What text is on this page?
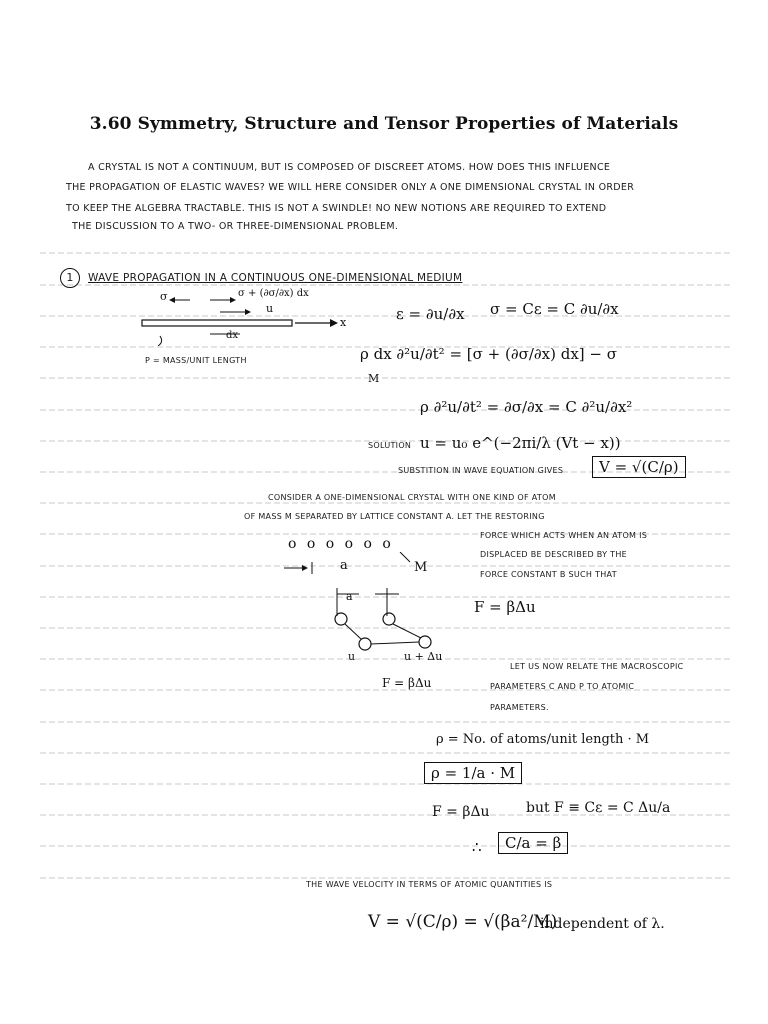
3.60 Symmetry, Structure and Tensor Properties of Materials
A CRYSTAL IS NOT A CONTINUUM, BUT IS COMPOSED OF DISCREET ATOMS. HOW DOES THIS INFLUENCE
THE PROPAGATION OF ELASTIC WAVES? WE WILL HERE CONSIDER ONLY A ONE DIMENSIONAL CRYSTAL IN ORDER
TO KEEP THE ALGEBRA TRACTABLE. THIS IS NOT A SWINDLE! NO NEW NOTIONS ARE REQUIRED TO EXTEND
THE DISCUSSION TO A TWO- OR THREE-DIMENSIONAL PROBLEM.
1 WAVE PROPAGATION IN A CONTINUOUS ONE-DIMENSIONAL MEDIUM
σ	σ + (∂σ/∂x) dx
u
x
dx
Ρ = MASS/UNIT LENGTH
ε = ∂u/∂x σ = Cε = C ∂u/∂x
ρ dx ∂²u/∂t² = [σ + (∂σ/∂x) dx] − σ
M
ρ ∂²u/∂t² = ∂σ/∂x = C ∂²u/∂x²
SOLUTION u = u₀ e^(−2πi/λ (Vt − x))
SUBSTITION IN WAVE EQUATION GIVES	V = √(C/ρ)
CONSIDER A ONE-DIMENSIONAL CRYSTAL WITH ONE KIND OF ATOM
OF MASS M SEPARATED BY LATTICE CONSTANT A. LET THE RESTORING
FORCE WHICH ACTS WHEN AN ATOM IS
DISPLACED BE DESCRIBED BY THE
FORCE CONSTANT Β SUCH THAT
F = βΔu
o o o o o o
a	M
a
u	u + Δu
F = βΔu
LET US NOW RELATE THE MACROSCOPIC
PARAMETERS C AND Ρ TO ATOMIC
PARAMETERS.
ρ = No. of atoms/unit length · M
ρ = 1/a · M
F = βΔu	but F ≡ Cε = C Δu/a
∴	C/a = β
THE WAVE VELOCITY IN TERMS OF ATOMIC QUANTITIES IS
V = √(C/ρ) = √(βa²/M)
independent of λ.
